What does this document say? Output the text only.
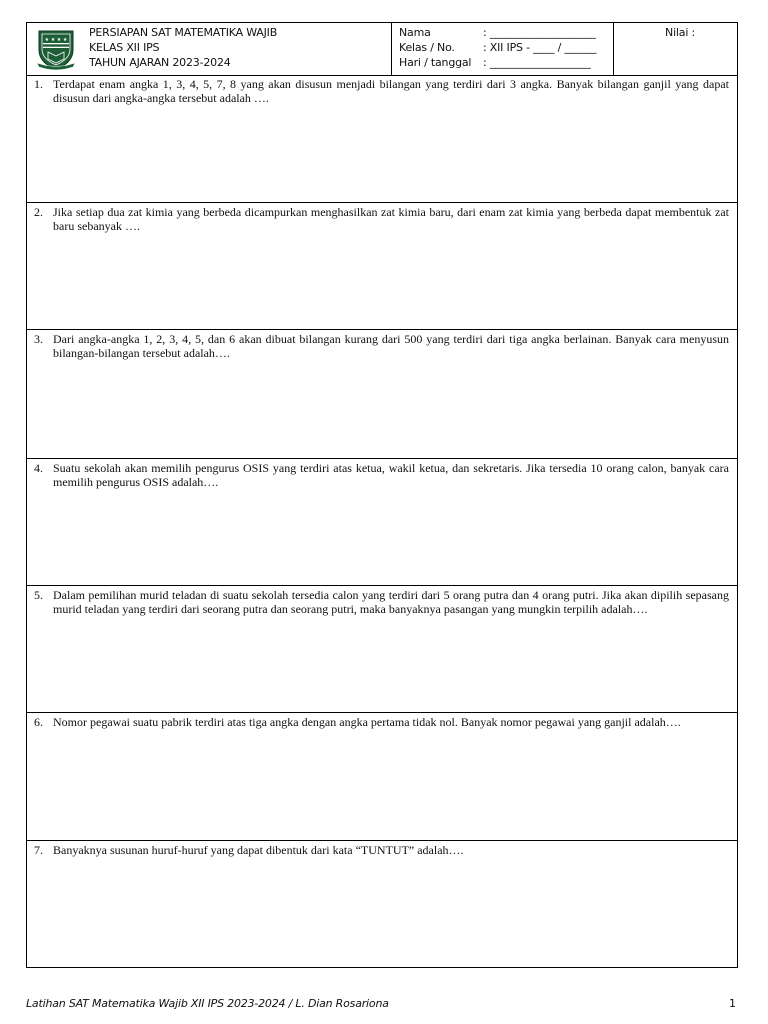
★ ★ ★ ★
PERSIAPAN SAT MATEMATIKA WAJIB
KELAS XII IPS
TAHUN AJARAN 2023-2024
Nama	: ____________________
Kelas / No.	: XII IPS - ____ / ______
Hari / tanggal : ___________________
Nilai :
1. Terdapat enam angka 1, 3, 4, 5, 7, 8 yang akan disusun menjadi bilangan yang terdiri dari 3 angka. Banyak bilangan ganjil yang dapat disusun dari angka-angka tersebut adalah ….
2. Jika setiap dua zat kimia yang berbeda dicampurkan menghasilkan zat kimia baru, dari enam zat kimia yang berbeda dapat membentuk zat baru sebanyak ….
3. Dari angka-angka 1, 2, 3, 4, 5, dan 6 akan dibuat bilangan kurang dari 500 yang terdiri dari tiga angka berlainan. Banyak cara menyusun bilangan-bilangan tersebut adalah….
4. Suatu sekolah akan memilih pengurus OSIS yang terdiri atas ketua, wakil ketua, dan sekretaris. Jika tersedia 10 orang calon, banyak cara memilih pengurus OSIS adalah….
5. Dalam pemilihan murid teladan di suatu sekolah tersedia calon yang terdiri dari 5 orang putra dan 4 orang putri. Jika akan dipilih sepasang murid teladan yang terdiri dari seorang putra dan seorang putri, maka banyaknya pasangan yang mungkin terpilih adalah….
6. Nomor pegawai suatu pabrik terdiri atas tiga angka dengan angka pertama tidak nol. Banyak nomor pegawai yang ganjil adalah….
7. Banyaknya susunan huruf-huruf yang dapat dibentuk dari kata “TUNTUT” adalah….
Latihan SAT Matematika Wajib XII IPS 2023-2024 / L. Dian Rosariona	1
